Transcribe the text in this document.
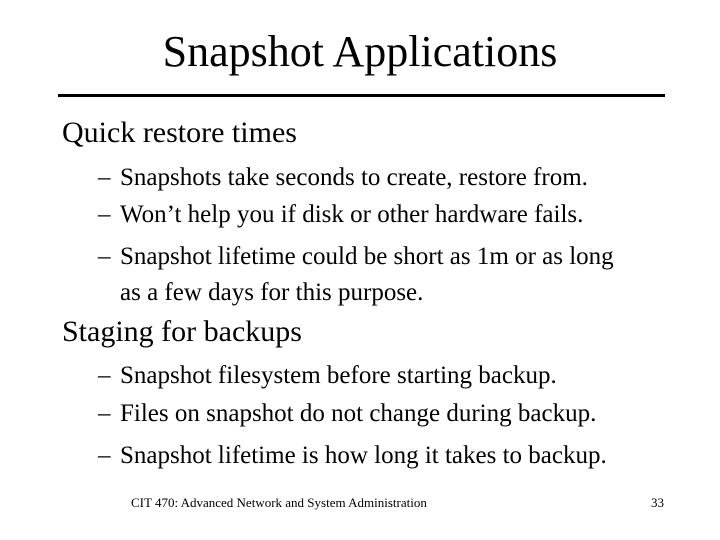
Snapshot Applications
Quick restore times
– Snapshots take seconds to create, restore from.
– Won’t help you if disk or other hardware fails.
– Snapshot lifetime could be short as 1m or as long
as a few days for this purpose.
Staging for backups
– Snapshot filesystem before starting backup.
– Files on snapshot do not change during backup.
– Snapshot lifetime is how long it takes to backup.
CIT 470: Advanced Network and System Administration	33
